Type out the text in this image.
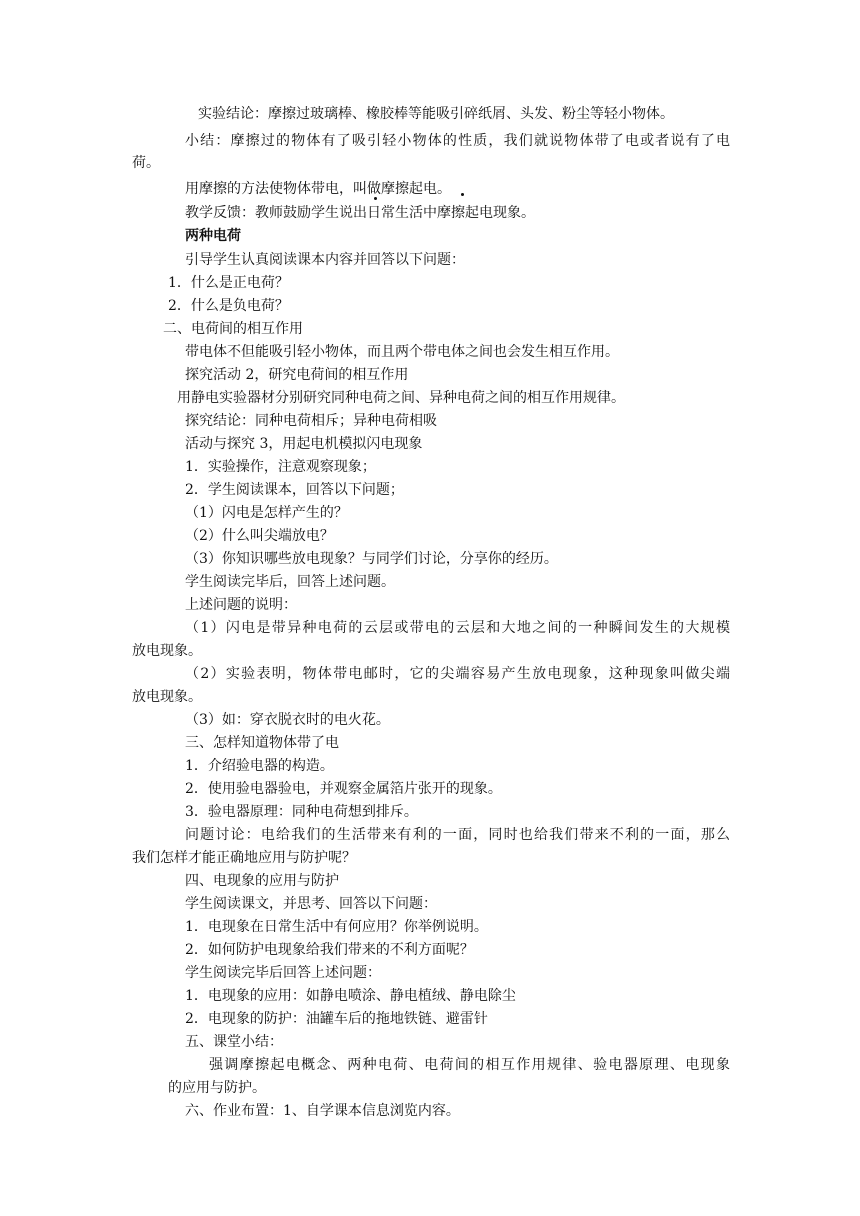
实验结论：摩擦过玻璃棒、橡胶棒等能吸引碎纸屑、头发、粉尘等轻小物体。
小结：摩擦过的物体有了吸引轻小物体的性质，我们就说物体带了电或者说有了电
荷。
用摩擦的方法使物体带电，叫做摩擦起电。
教学反馈：教师鼓励学生说出日常生活中摩擦起电现象。
两种电荷
引导学生认真阅读课本内容并回答以下问题：
1．什么是正电荷？
2．什么是负电荷？
二、电荷间的相互作用
带电体不但能吸引轻小物体，而且两个带电体之间也会发生相互作用。
探究活动 2，研究电荷间的相互作用
用静电实验器材分别研究同种电荷之间、异种电荷之间的相互作用规律。
探究结论：同种电荷相斥；异种电荷相吸
活动与探究 3，用起电机模拟闪电现象
1．实验操作，注意观察现象；
2．学生阅读课本，回答以下问题；
（1）闪电是怎样产生的？
（2）什么叫尖端放电？
（3）你知识哪些放电现象？与同学们讨论，分享你的经历。
学生阅读完毕后，回答上述问题。
上述问题的说明：
（1）闪电是带异种电荷的云层或带电的云层和大地之间的一种瞬间发生的大规模
放电现象。
（2）实验表明，物体带电邮时，它的尖端容易产生放电现象，这种现象叫做尖端
放电现象。
（3）如：穿衣脱衣时的电火花。
三、怎样知道物体带了电
1．介绍验电器的构造。
2．使用验电器验电，并观察金属箔片张开的现象。
3．验电器原理：同种电荷想到排斥。
问题讨论：电给我们的生活带来有利的一面，同时也给我们带来不利的一面，那么
我们怎样才能正确地应用与防护呢？
四、电现象的应用与防护
学生阅读课文，并思考、回答以下问题：
1．电现象在日常生活中有何应用？你举例说明。
2．如何防护电现象给我们带来的不利方面呢？
学生阅读完毕后回答上述问题：
1．电现象的应用：如静电喷涂、静电植绒、静电除尘
2．电现象的防护：油罐车后的拖地铁链、避雷针
五、课堂小结：
强调摩擦起电概念、两种电荷、电荷间的相互作用规律、验电器原理、电现象
的应用与防护。
六、作业布置：1、自学课本信息浏览内容。
